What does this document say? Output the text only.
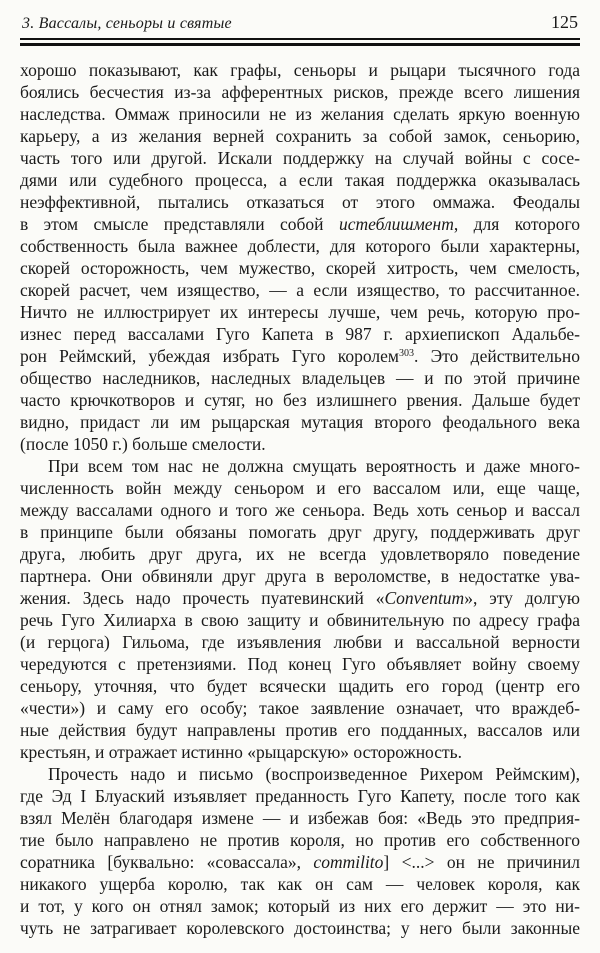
3. Вассалы, сеньоры и святые	125
хорошо показывают, как графы, сеньоры и рыцари тысячного года
боялись бесчестия из-за афферентных рисков, прежде всего лишения
наследства. Оммаж приносили не из желания сделать яркую военную
карьеру, а из желания верней сохранить за собой замок, сеньорию,
часть того или другой. Искали поддержку на случай войны с сосе-
дями или судебного процесса, а если такая поддержка оказывалась
неэффективной, пытались отказаться от этого оммажа. Феодалы
в этом смысле представляли собой истеблишмент, для которого
собственность была важнее доблести, для которого были характерны,
скорей осторожность, чем мужество, скорей хитрость, чем смелость,
скорей расчет, чем изящество, — а если изящество, то рассчитанное.
Ничто не иллюстрирует их интересы лучше, чем речь, которую про-
изнес перед вассалами Гуго Капета в 987 г. архиепископ Адальбе-
рон Реймский, убеждая избрать Гуго королем$^{303}$. Это действительно
общество наследников, наследных владельцев — и по этой причине
часто крючкотворов и сутяг, но без излишнего рвения. Дальше будет
видно, придаст ли им рыцарская мутация второго феодального века
(после 1050 г.) больше смелости.
При всем том нас не должна смущать вероятность и даже много-
численность войн между сеньором и его вассалом или, еще чаще,
между вассалами одного и того же сеньора. Ведь хоть сеньор и вассал
в принципе были обязаны помогать друг другу, поддерживать друг
друга, любить друг друга, их не всегда удовлетворяло поведение
партнера. Они обвиняли друг друга в вероломстве, в недостатке ува-
жения. Здесь надо прочесть пуатевинский «Conventum», эту долгую
речь Гуго Хилиарха в свою защиту и обвинительную по адресу графа
(и герцога) Гильома, где изъявления любви и вассальной верности
чередуются с претензиями. Под конец Гуго объявляет войну своему
сеньору, уточняя, что будет всячески щадить его город (центр его
«чести») и саму его особу; такое заявление означает, что враждеб-
ные действия будут направлены против его подданных, вассалов или
крестьян, и отражает истинно «рыцарскую» осторожность.
Прочесть надо и письмо (воспроизведенное Рихером Реймским),
где Эд I Блуаский изъявляет преданность Гуго Капету, после того как
взял Мелён благодаря измене — и избежав боя: «Ведь это предприя-
тие было направлено не против короля, но против его собственного
соратника [буквально: «совассала», commilito] <...> он не причинил
никакого ущерба королю, так как он сам — человек короля, как
и тот, у кого он отнял замок; который из них его держит — это ни-
чуть не затрагивает королевского достоинства; у него были законные
